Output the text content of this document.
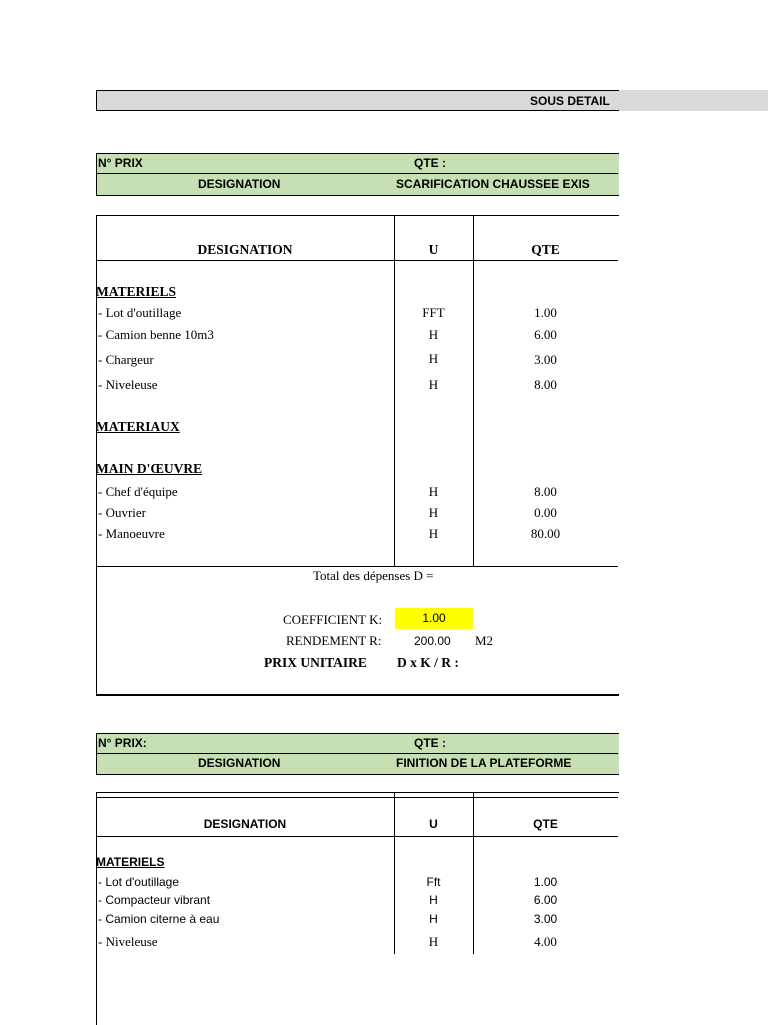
SOUS DETAIL
N° PRIX	QTE :
DESIGNATION	SCARIFICATION CHAUSSEE EXIS
DESIGNATION	U	QTE
MATERIELS
- Lot d'outillage	FFT	1.00
- Camion benne 10m3	H	6.00
- Chargeur	H	3.00
- Niveleuse	H	8.00
MATERIAUX
MAIN D'ŒUVRE
- Chef d'équipe	H	8.00
- Ouvrier	H	0.00
- Manoeuvre	H	80.00
Total des dépenses D =
COEFFICIENT K:	1.00
RENDEMENT R:	200.00 M2
PRIX UNITAIRE D x K / R :
N° PRIX:	QTE :
DESIGNATION	FINITION DE LA PLATEFORME
DESIGNATION	U	QTE
MATERIELS
- Lot d'outillage	Fft	1.00
- Compacteur vibrant	H	6.00
- Camion citerne à eau	H	3.00
- Niveleuse	H	4.00
